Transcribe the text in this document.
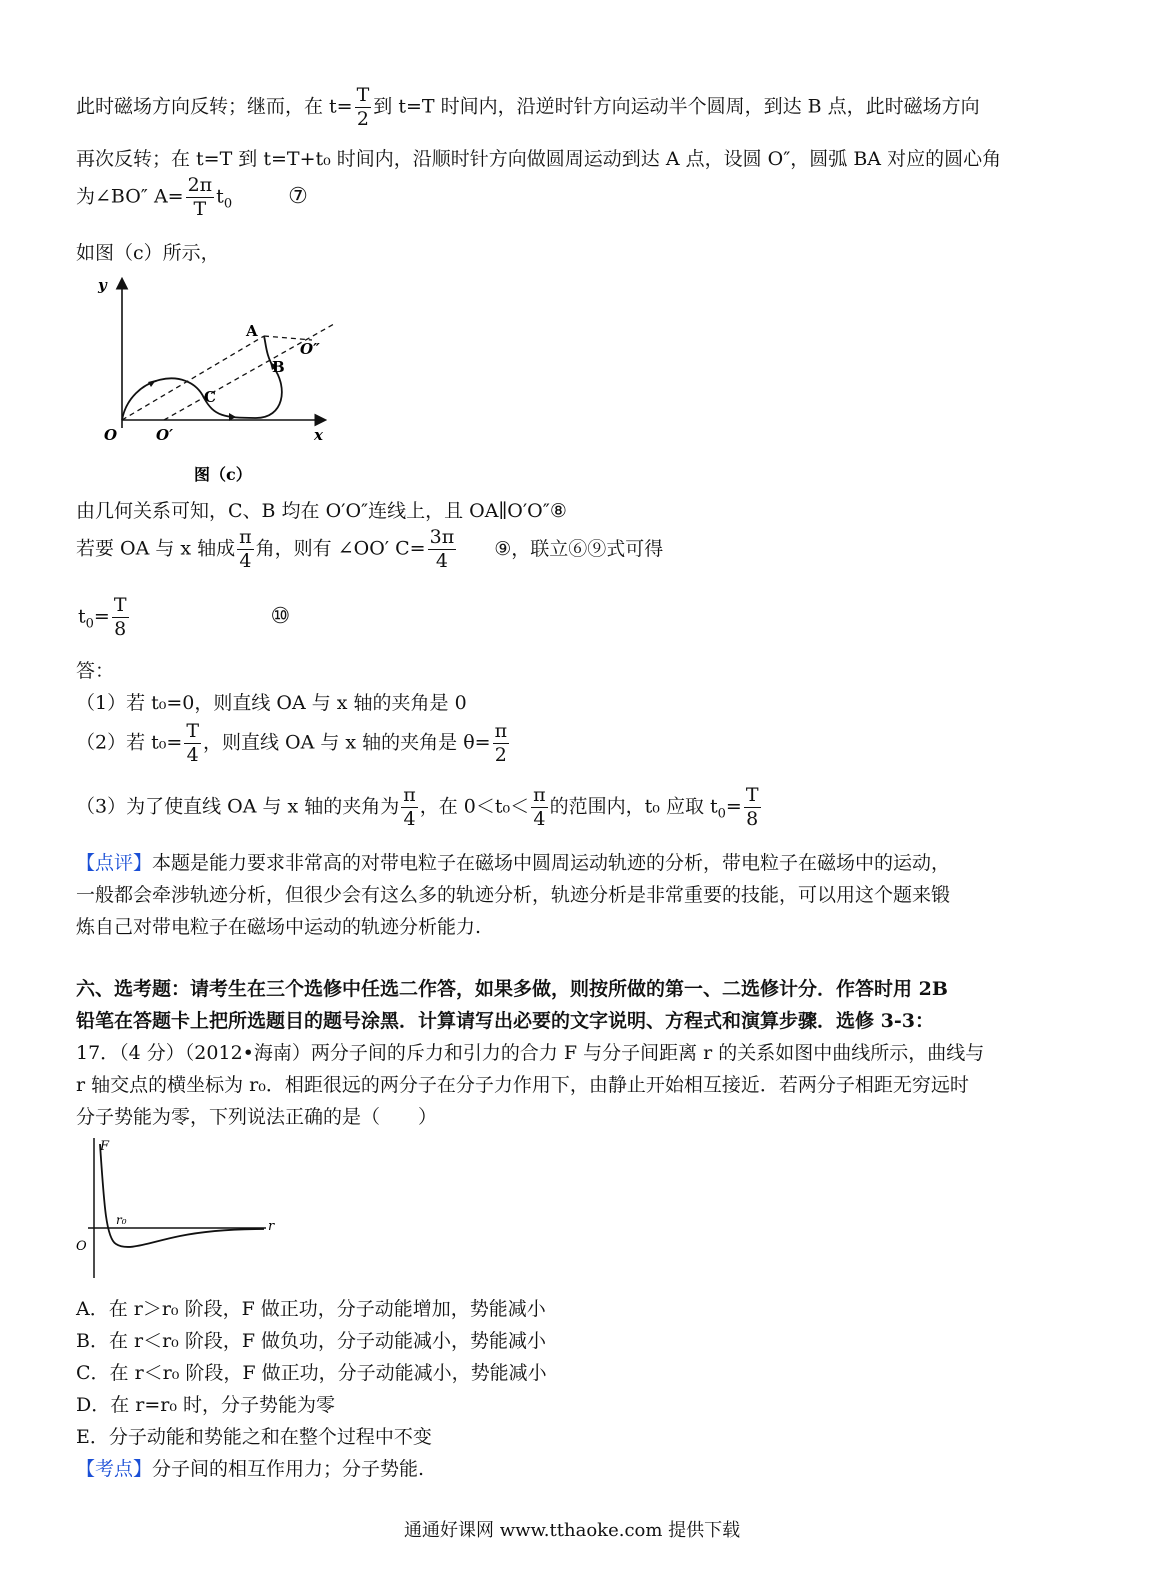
此时磁场方向反转；继而，在 $t= \frac{T}{2}$ 到 t=T 时间内，沿逆时针方向运动半个圆周，到达 B 点，此时磁场方向
再次反转；在 t=T 到 t=T+t₀ 时间内，沿顺时针方向做圆周运动到达 A 点，设圆 O″，圆弧 BA 对应的圆心角
为∠BO″ $A= \frac{2\pi}{T} t_0$	⑦
如图（c）所示，
y
x
O	O′
O″
A
B
C
图（c）
由几何关系可知，C、B 均在 O′O″连线上，且 OA∥O′O″⑧
若要 OA 与 x 轴成 $\frac{\pi}{4}$ 角，则有 ∠OO′ $C= \frac{3\pi}{4}$ ⑨，联立⑥⑨式可得
$t_0= \frac{T}{8}$	⑩
答：
（1）若 t₀=0，则直线 OA 与 x 轴的夹角是 0
（2）若 $t_0= \frac{T}{4}$ ，则直线 OA 与 x 轴的夹角是 $\theta= \frac{\pi}{2}$
（3）为了使直线 OA 与 x 轴的夹角为 $\frac{\pi}{4}$ ，在 $0<t_0< \frac{\pi}{4}$ 的范围内，t₀ 应取 $t_0= \frac{T}{8}$
【点评】本题是能力要求非常高的对带电粒子在磁场中圆周运动轨迹的分析，带电粒子在磁场中的运动，
一般都会牵涉轨迹分析，但很少会有这么多的轨迹分析，轨迹分析是非常重要的技能，可以用这个题来锻
炼自己对带电粒子在磁场中运动的轨迹分析能力.
六、选考题：请考生在三个选修中任选二作答，如果多做，则按所做的第一、二选修计分．作答时用 2B
铅笔在答题卡上把所选题目的题号涂黑．计算请写出必要的文字说明、方程式和演算步骤．选修 3-3：
17．（4 分）（2012•海南）两分子间的斥力和引力的合力 F 与分子间距离 r 的关系如图中曲线所示，曲线与
r 轴交点的横坐标为 r₀．相距很远的两分子在分子力作用下，由静止开始相互接近．若两分子相距无穷远时
分子势能为零，下列说法正确的是（　　）
F
r
O
r₀
A．在 r＞r₀ 阶段，F 做正功，分子动能增加，势能减小
B．在 r＜r₀ 阶段，F 做负功，分子动能减小，势能减小
C．在 r＜r₀ 阶段，F 做正功，分子动能减小，势能减小
D．在 r=r₀ 时，分子势能为零
E．分子动能和势能之和在整个过程中不变
【考点】分子间的相互作用力；分子势能.
通通好课网 www.tthaoke.com 提供下载
